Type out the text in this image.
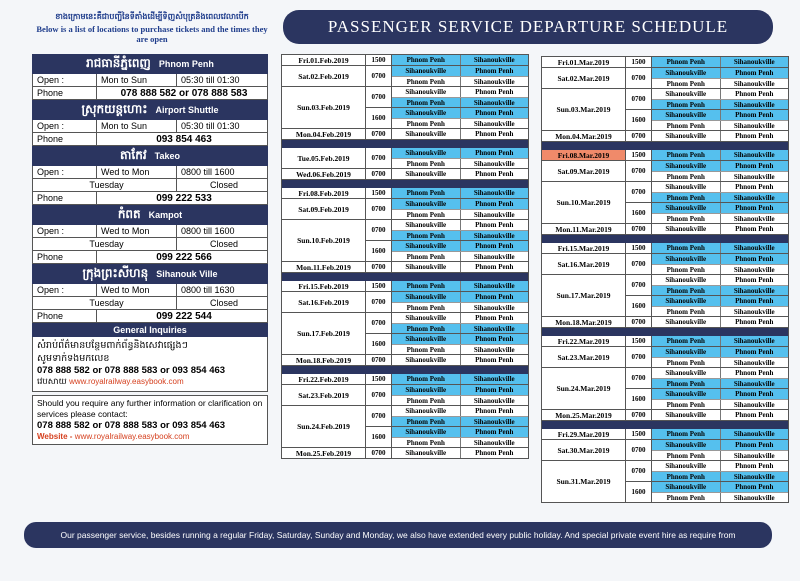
ខាងក្រោមនេះគឺជាបញ្ជីនៃទីតាំងដើម្បីទិញសំបុត្រនិងពេលវេលាបើក
Below is a list of locations to purchase tickets and the times they are open
PASSENGER SERVICE DEPARTURE SCHEDULE
រាជធានីភ្នំពេញ Phnom Penh
Open :	Mon to Sun	05:30 till 01:30
Phone	078 888 582 or 078 888 583
ស្រុកយន្តហោះ Airport Shuttle
Open :	Mon to Sun	05:30 till 01:30
Phone	093 854 463
តាកែវ Takeo
Open :	Wed to Mon	0800 till 1600
Tuesday	Closed
Phone	099 222 533
កំពត Kampot
Open :	Wed to Mon	0800 till 1600
Tuesday	Closed
Phone	099 222 566
ក្រុងព្រះសីហនុ Sihanouk Ville
Open :	Wed to Mon	0800 till 1630
Tuesday	Closed
Phone	099 222 544
General Inquiries
សំរាប់ព័ត៌មានបន្ថែមពាក់ព័ន្ធនិងសេវាផ្សេងៗ
សូមទាក់ទងមកលេខ
078 888 582 or 078 888 583 or 093 854 463
វេបសាយ www.royalrailway.easybook.com
Should you require any further information or clarification on services please contact:
078 888 582 or 078 888 583 or 093 854 463
Website - www.royalrailway.easybook.com
Fri.01.Feb.2019	1500	Phnom Penh	Sihanoukville
Sat.02.Feb.2019	0700
Sihanoukville	Phnom Penh
Phnom Penh	Sihanoukville
Sun.03.Feb.2019
0700
Sihanoukville	Phnom Penh
Phnom Penh	Sihanoukville
1600
Sihanoukville	Phnom Penh
Phnom Penh	Sihanoukville
Mon.04.Feb.2019	0700	Sihanoukville	Phnom Penh
Tue.05.Feb.2019	0700
Sihanoukville	Phnom Penh
Phnom Penh	Sihanoukville
Wed.06.Feb.2019	0700	Sihanoukville	Phnom Penh
Fri.08.Feb.2019	1500	Phnom Penh	Sihanoukville
Sat.09.Feb.2019	0700
Sihanoukville	Phnom Penh
Phnom Penh	Sihanoukville
Sun.10.Feb.2019
0700
Sihanoukville	Phnom Penh
Phnom Penh	Sihanoukville
1600
Sihanoukville	Phnom Penh
Phnom Penh	Sihanoukville
Mon.11.Feb.2019	0700	Sihanoukville	Phnom Penh
Fri.15.Feb.2019	1500	Phnom Penh	Sihanoukville
Sat.16.Feb.2019	0700
Sihanoukville	Phnom Penh
Phnom Penh	Sihanoukville
Sun.17.Feb.2019
0700
Sihanoukville	Phnom Penh
Phnom Penh	Sihanoukville
1600
Sihanoukville	Phnom Penh
Phnom Penh	Sihanoukville
Mon.18.Feb.2019	0700	Sihanoukville	Phnom Penh
Fri.22.Feb.2019	1500	Phnom Penh	Sihanoukville
Sat.23.Feb.2019	0700
Sihanoukville	Phnom Penh
Phnom Penh	Sihanoukville
Sun.24.Feb.2019
0700
Sihanoukville	Phnom Penh
Phnom Penh	Sihanoukville
1600
Sihanoukville	Phnom Penh
Phnom Penh	Sihanoukville
Mon.25.Feb.2019	0700	Sihanoukville	Phnom Penh
Fri.01.Mar.2019	1500	Phnom Penh	Sihanoukville
Sat.02.Mar.2019	0700
Sihanoukville	Phnom Penh
Phnom Penh	Sihanoukville
Sun.03.Mar.2019
0700
Sihanoukville	Phnom Penh
Phnom Penh	Sihanoukville
1600
Sihanoukville	Phnom Penh
Phnom Penh	Sihanoukville
Mon.04.Mar.2019	0700	Sihanoukville	Phnom Penh
Fri.08.Mar.2019	1500	Phnom Penh	Sihanoukville
Sat.09.Mar.2019	0700
Sihanoukville	Phnom Penh
Phnom Penh	Sihanoukville
Sun.10.Mar.2019
0700
Sihanoukville	Phnom Penh
Phnom Penh	Sihanoukville
1600
Sihanoukville	Phnom Penh
Phnom Penh	Sihanoukville
Mon.11.Mar.2019	0700	Sihanoukville	Phnom Penh
Fri.15.Mar.2019	1500	Phnom Penh	Sihanoukville
Sat.16.Mar.2019	0700
Sihanoukville	Phnom Penh
Phnom Penh	Sihanoukville
Sun.17.Mar.2019
0700
Sihanoukville	Phnom Penh
Phnom Penh	Sihanoukville
1600
Sihanoukville	Phnom Penh
Phnom Penh	Sihanoukville
Mon.18.Mar.2019	0700	Sihanoukville	Phnom Penh
Fri.22.Mar.2019	1500	Phnom Penh	Sihanoukville
Sat.23.Mar.2019	0700
Sihanoukville	Phnom Penh
Phnom Penh	Sihanoukville
Sun.24.Mar.2019
0700
Sihanoukville	Phnom Penh
Phnom Penh	Sihanoukville
1600
Sihanoukville	Phnom Penh
Phnom Penh	Sihanoukville
Mon.25.Mar.2019	0700	Sihanoukville	Phnom Penh
Fri.29.Mar.2019	1500	Phnom Penh	Sihanoukville
Sat.30.Mar.2019	0700
Sihanoukville	Phnom Penh
Phnom Penh	Sihanoukville
Sun.31.Mar.2019
0700
Sihanoukville	Phnom Penh
Phnom Penh	Sihanoukville
1600
Sihanoukville	Phnom Penh
Phnom Penh	Sihanoukville
Our passenger service, besides running a regular Friday, Saturday, Sunday and Monday, we also have extended every public holiday. And special private event hire as require from
